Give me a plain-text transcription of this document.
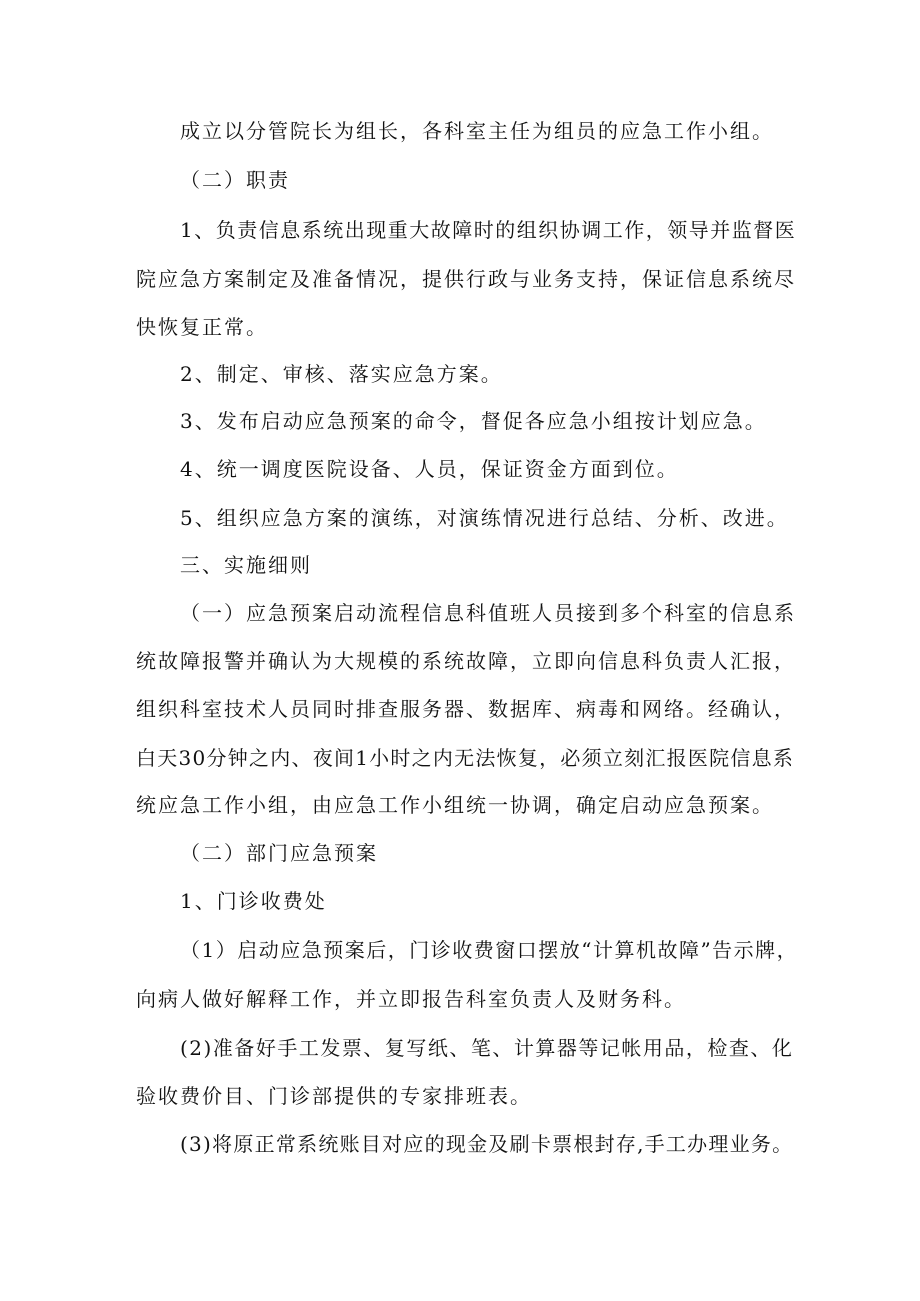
成立以分管院长为组长，各科室主任为组员的应急工作小组。
（二）职责
1、负责信息系统出现重大故障时的组织协调工作，领导并监督医
院应急方案制定及准备情况，提供行政与业务支持，保证信息系统尽
快恢复正常。
2、制定、审核、落实应急方案。
3、发布启动应急预案的命令，督促各应急小组按计划应急。
4、统一调度医院设备、人员，保证资金方面到位。
5、组织应急方案的演练，对演练情况进行总结、分析、改进。
三、实施细则
（一）应急预案启动流程信息科值班人员接到多个科室的信息系
统故障报警并确认为大规模的系统故障，立即向信息科负责人汇报，
组织科室技术人员同时排查服务器、数据库、病毒和网络。经确认，
白天30分钟之内、夜间1小时之内无法恢复，必须立刻汇报医院信息系
统应急工作小组，由应急工作小组统一协调，确定启动应急预案。
（二）部门应急预案
1、门诊收费处
（1）启动应急预案后，门诊收费窗口摆放“计算机故障”告示牌，
向病人做好解释工作，并立即报告科室负责人及财务科。
(2)准备好手工发票、复写纸、笔、计算器等记帐用品，检查、化
验收费价目、门诊部提供的专家排班表。
(3)将原正常系统账目对应的现金及刷卡票根封存,手工办理业务。
